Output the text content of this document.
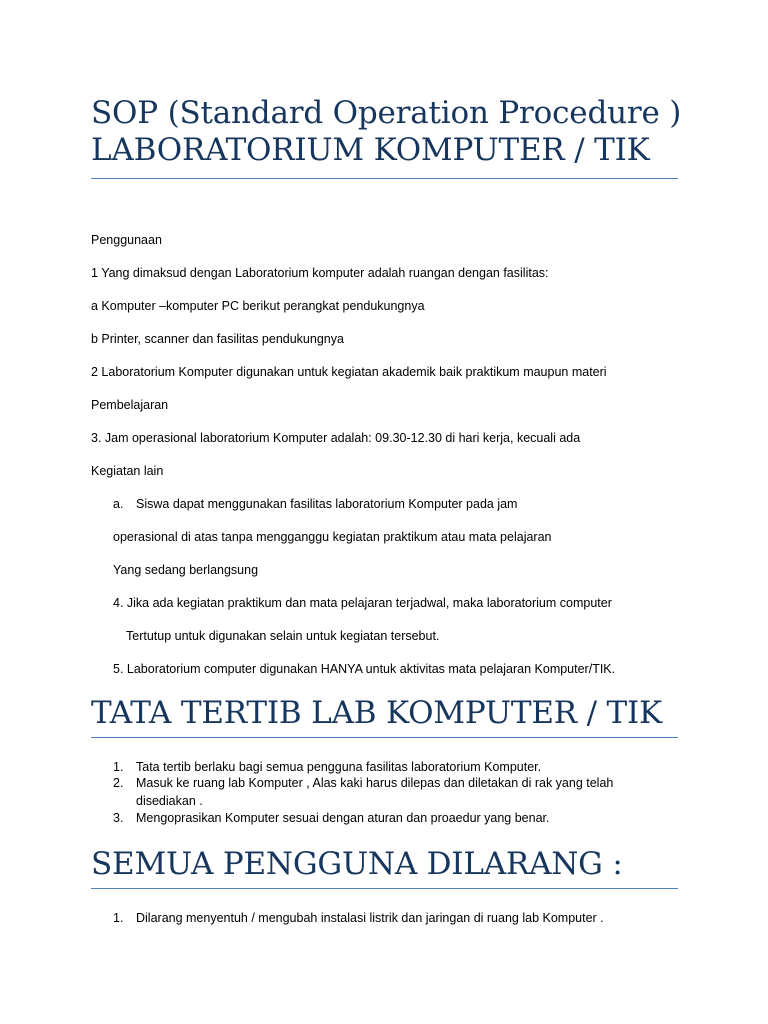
SOP (Standard Operation Procedure )
LABORATORIUM KOMPUTER / TIK
Penggunaan
1 Yang dimaksud dengan Laboratorium komputer adalah ruangan dengan fasilitas:
a Komputer –komputer PC berikut perangkat pendukungnya
b Printer, scanner dan fasilitas pendukungnya
2 Laboratorium Komputer digunakan untuk kegiatan akademik baik praktikum maupun materi
Pembelajaran
3. Jam operasional laboratorium Komputer adalah: 09.30-12.30 di hari kerja, kecuali ada
Kegiatan lain
a. Siswa dapat menggunakan fasilitas laboratorium Komputer pada jam
operasional di atas tanpa mengganggu kegiatan praktikum atau mata pelajaran
Yang sedang berlangsung
4. Jika ada kegiatan praktikum dan mata pelajaran terjadwal, maka laboratorium computer
Tertutup untuk digunakan selain untuk kegiatan tersebut.
5. Laboratorium computer digunakan HANYA untuk aktivitas mata pelajaran Komputer/TIK.
TATA TERTIB LAB KOMPUTER / TIK
1. Tata tertib berlaku bagi semua pengguna fasilitas laboratorium Komputer.
2. Masuk ke ruang lab Komputer , Alas kaki harus dilepas dan diletakan di rak yang telah
disediakan .
3. Mengoprasikan Komputer sesuai dengan aturan dan proaedur yang benar.
SEMUA PENGGUNA DILARANG :
1. Dilarang menyentuh / mengubah instalasi listrik dan jaringan di ruang lab Komputer .
